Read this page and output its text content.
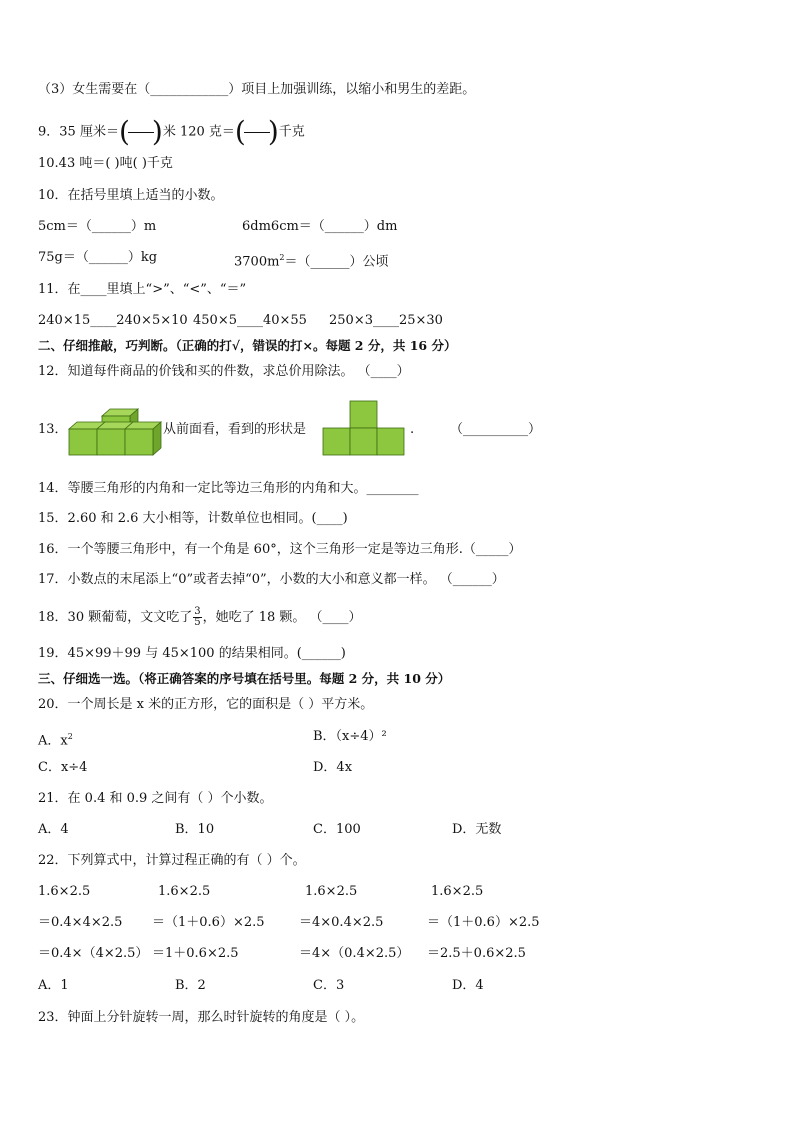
（3）女生需要在（____________）项目上加强训练，以缩小和男生的差距。
9．35 厘米＝( )米 120 克＝( )千克
10.43 吨＝( )吨( )千克
10．在括号里填上适当的小数。
5cm＝（______）m	6dm6cm＝（______）dm
75g＝（______）kg	$3700m^2=(\_\_\_\_\_\_)$公顷
11．在____里填上“>”、“<”、“＝”
240×15____240×5×10 450×5____40×55 250×3____25×30
二、仔细推敲，巧判断。（正确的打√，错误的打×。每题 2 分，共 16 分）
12．知道每件商品的价钱和买的件数，求总价用除法。 （____）
13．	从前面看，看到的形状是	.	（__________）
14．等腰三角形的内角和一定比等边三角形的内角和大。________
15．2.60 和 2.6 大小相等，计数单位也相同。(____)
16．一个等腰三角形中，有一个角是 60°，这个三角形一定是等边三角形.（_____）
17．小数点的末尾添上“0”或者去掉“0”，小数的大小和意义都一样。 （______）
18．30 颗葡萄，文文吃了 $\frac{3}{5}$ ，她吃了 18 颗。 （____）
19．45×99＋99 与 45×100 的结果相同。(______)
三、仔细选一选。（将正确答案的序号填在括号里。每题 2 分，共 10 分）
20．一个周长是 x 米的正方形，它的面积是（ ）平方米。
A．$x^2$	B．（x÷4）²
C．x÷4	D．4x
21．在 0.4 和 0.9 之间有（ ）个小数。
A．4	B．10	C．100	D．无数
22．下列算式中，计算过程正确的有（ ）个。
1.6×2.5	1.6×2.5	1.6×2.5	1.6×2.5
＝0.4×4×2.5 ＝（1＋0.6）×2.5	＝4×0.4×2.5	＝（1＋0.6）×2.5
＝0.4×（4×2.5） ＝1＋0.6×2.5	＝4×（0.4×2.5） ＝2.5＋0.6×2.5
A．1	B．2	C．3	D．4
23．钟面上分针旋转一周，那么时针旋转的角度是（ ）。
